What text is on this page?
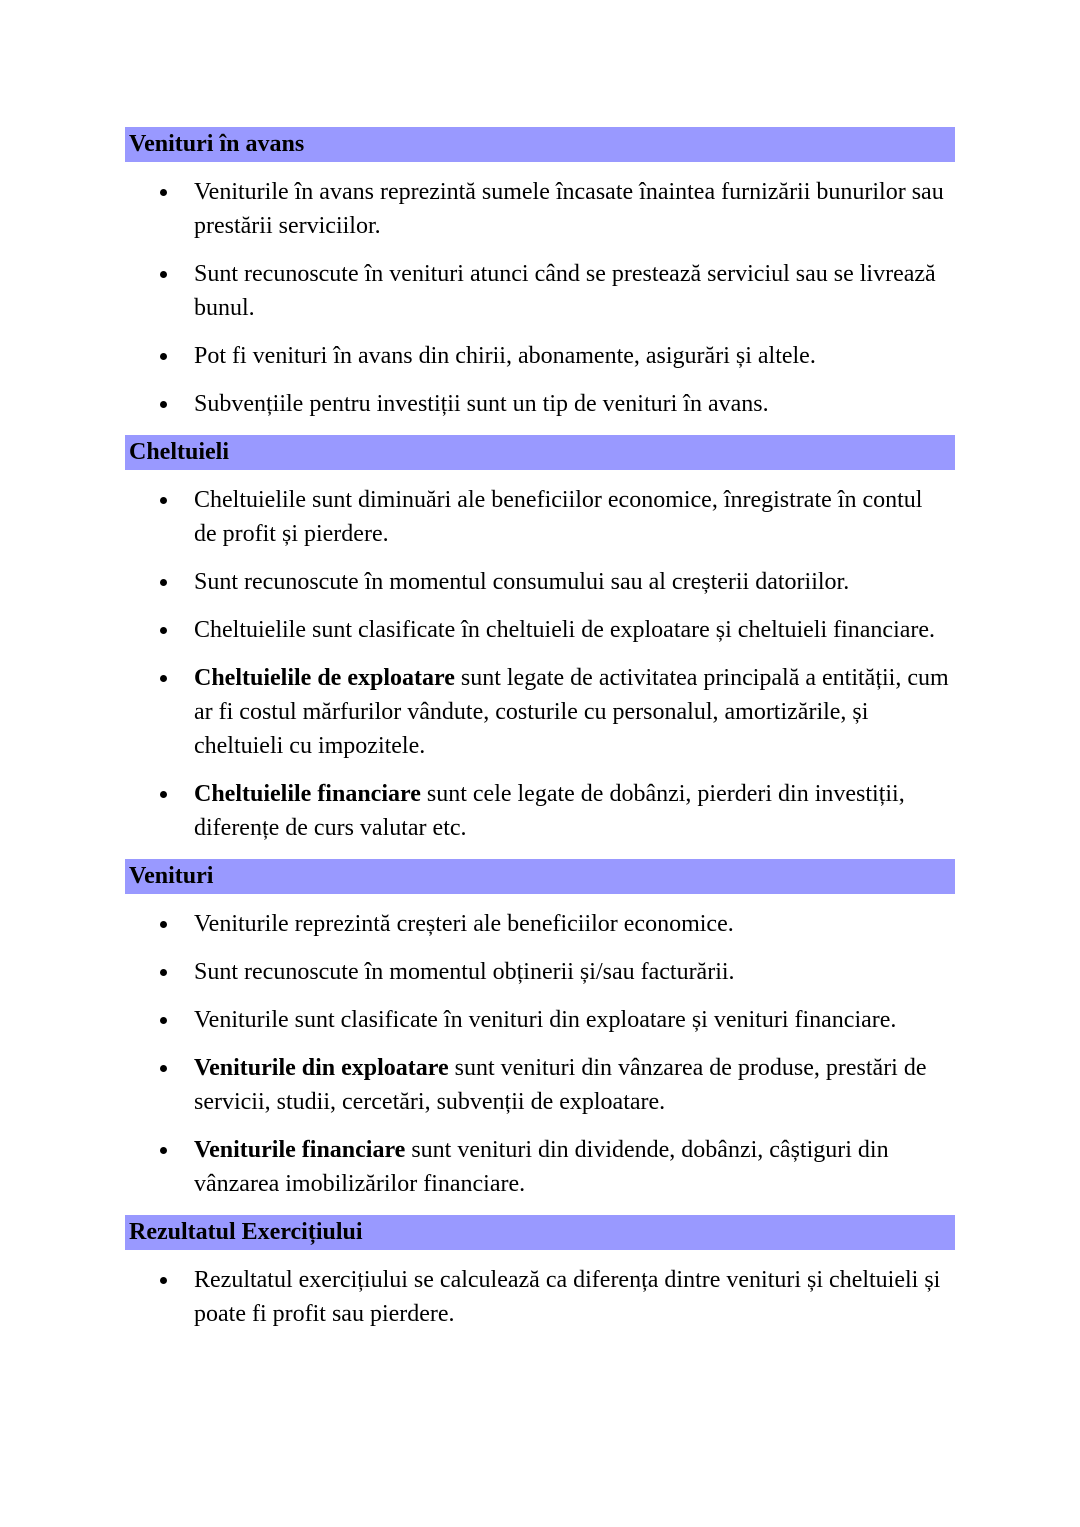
Venituri în avans
Veniturile în avans reprezintă sumele încasate înaintea furnizării bunurilor sau prestării serviciilor.
Sunt recunoscute în venituri atunci când se prestează serviciul sau se livrează bunul.
Pot fi venituri în avans din chirii, abonamente, asigurări și altele.
Subvențiile pentru investiții sunt un tip de venituri în avans.
Cheltuieli
Cheltuielile sunt diminuări ale beneficiilor economice, înregistrate în contul de profit și pierdere.
Sunt recunoscute în momentul consumului sau al creșterii datoriilor.
Cheltuielile sunt clasificate în cheltuieli de exploatare și cheltuieli financiare.
Cheltuielile de exploatare sunt legate de activitatea principală a entității, cum ar fi costul mărfurilor vândute, costurile cu personalul, amortizările, și cheltuieli cu impozitele.
Cheltuielile financiare sunt cele legate de dobânzi, pierderi din investiții, diferențe de curs valutar etc.
Venituri
Veniturile reprezintă creșteri ale beneficiilor economice.
Sunt recunoscute în momentul obținerii și/sau facturării.
Veniturile sunt clasificate în venituri din exploatare și venituri financiare.
Veniturile din exploatare sunt venituri din vânzarea de produse, prestări de servicii, studii, cercetări, subvenții de exploatare.
Veniturile financiare sunt venituri din dividende, dobânzi, câștiguri din vânzarea imobilizărilor financiare.
Rezultatul Exercițiului
Rezultatul exercițiului se calculează ca diferența dintre venituri și cheltuieli și poate fi profit sau pierdere.
